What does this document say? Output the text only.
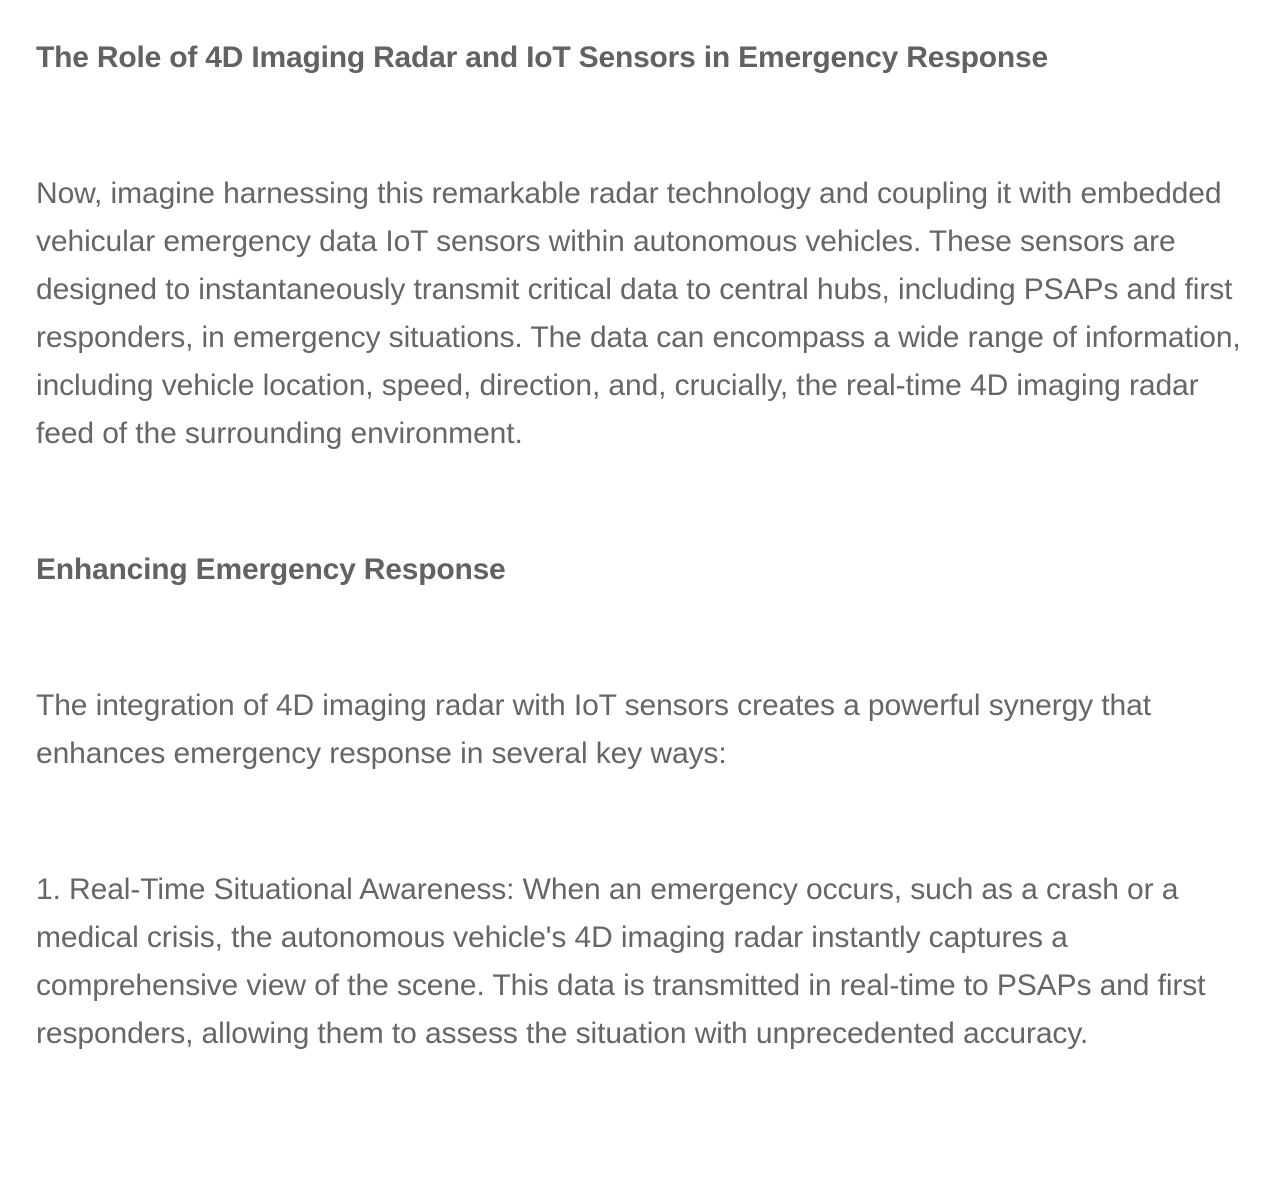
The Role of 4D Imaging Radar and IoT Sensors in Emergency Response

Now, imagine harnessing this remarkable radar technology and coupling it with embedded vehicular emergency data IoT sensors within autonomous vehicles. These sensors are designed to instantaneously transmit critical data to central hubs, including PSAPs and first responders, in emergency situations. The data can encompass a wide range of information, including vehicle location, speed, direction, and, crucially, the real-time 4D imaging radar feed of the surrounding environment.

Enhancing Emergency Response

The integration of 4D imaging radar with IoT sensors creates a powerful synergy that enhances emergency response in several key ways:

1. Real-Time Situational Awareness: When an emergency occurs, such as a crash or a medical crisis, the autonomous vehicle's 4D imaging radar instantly captures a comprehensive view of the scene. This data is transmitted in real-time to PSAPs and first responders, allowing them to assess the situation with unprecedented accuracy.
